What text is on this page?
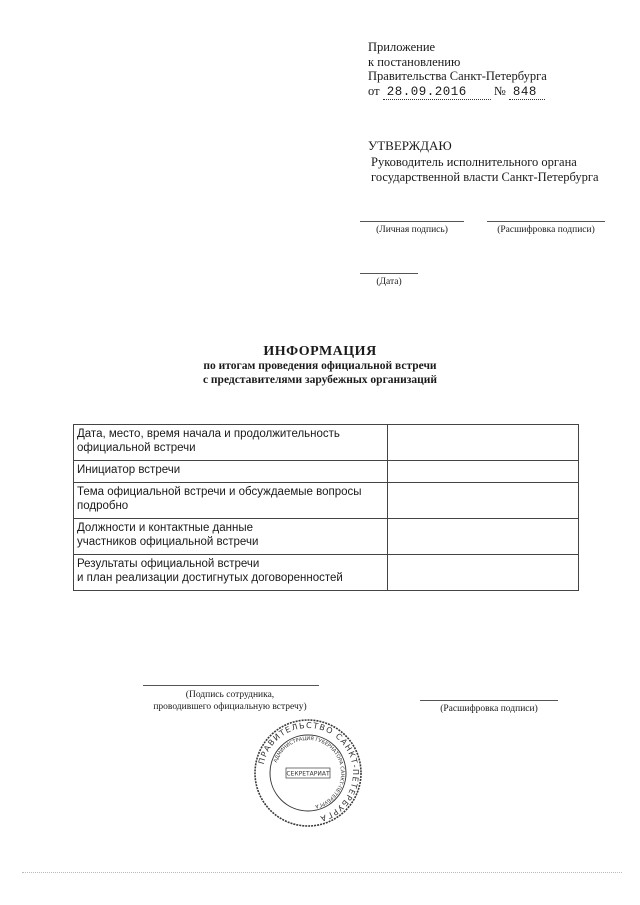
Приложение
к постановлению
Правительства Санкт-Петербурга
от 28.09.2016 № 848
УТВЕРЖДАЮ
Руководитель исполнительного органа
государственной власти Санкт-Петербурга
(Личная подпись)	(Расшифровка подписи)
(Дата)
ИНФОРМАЦИЯ
по итогам проведения официальной встречи
с представителями зарубежных организаций
Дата, место, время начала и продолжительность
официальной встречи	

Инициатор встречи	

Тема официальной встречи и обсуждаемые вопросы
подробно	

Должности и контактные данные
участников официальной встречи	

Результаты официальной встречи
и план реализации достигнутых договоренностей	

(Подпись сотрудника,
проводившего официальную встречу)	(Расшифровка подписи)
ПРАВИТЕЛЬСТВО САНКТ-ПЕТЕРБУРГА
АДМИНИСТРАЦИЯ ГУБЕРНАТОРА САНКТ-ПЕТЕРБУРГА
СЕКРЕТАРИАТ
